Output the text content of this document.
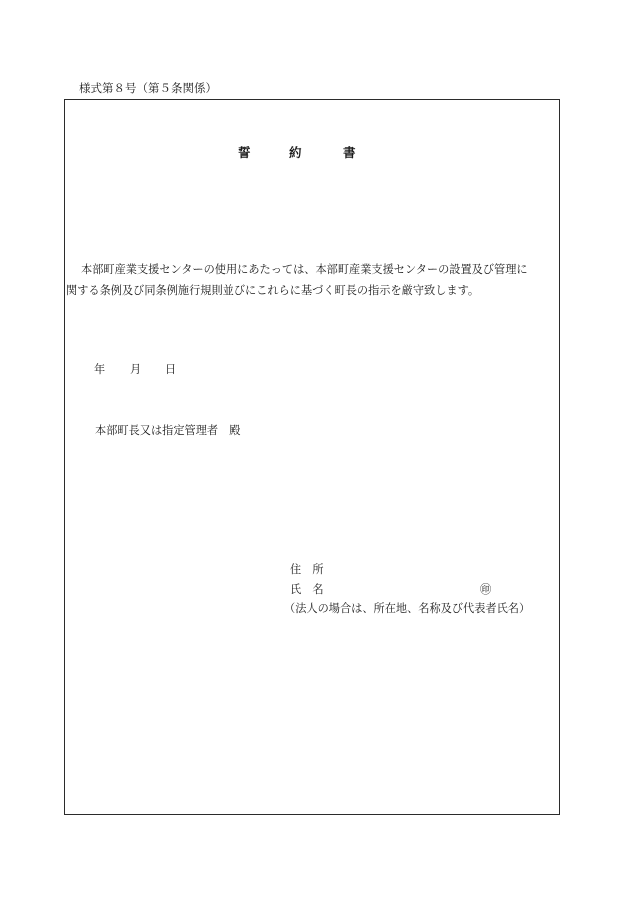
様式第８号（第５条関係）
誓	約	書
本部町産業支援センターの使用にあたっては、本部町産業支援センターの設置及び管理に
関する条例及び同条例施行規則並びにこれらに基づく町長の指示を厳守致します。
年 月 日
本部町長又は指定管理者　殿
住　所
氏　名	㊞
（法人の場合は、所在地、名称及び代表者氏名）
